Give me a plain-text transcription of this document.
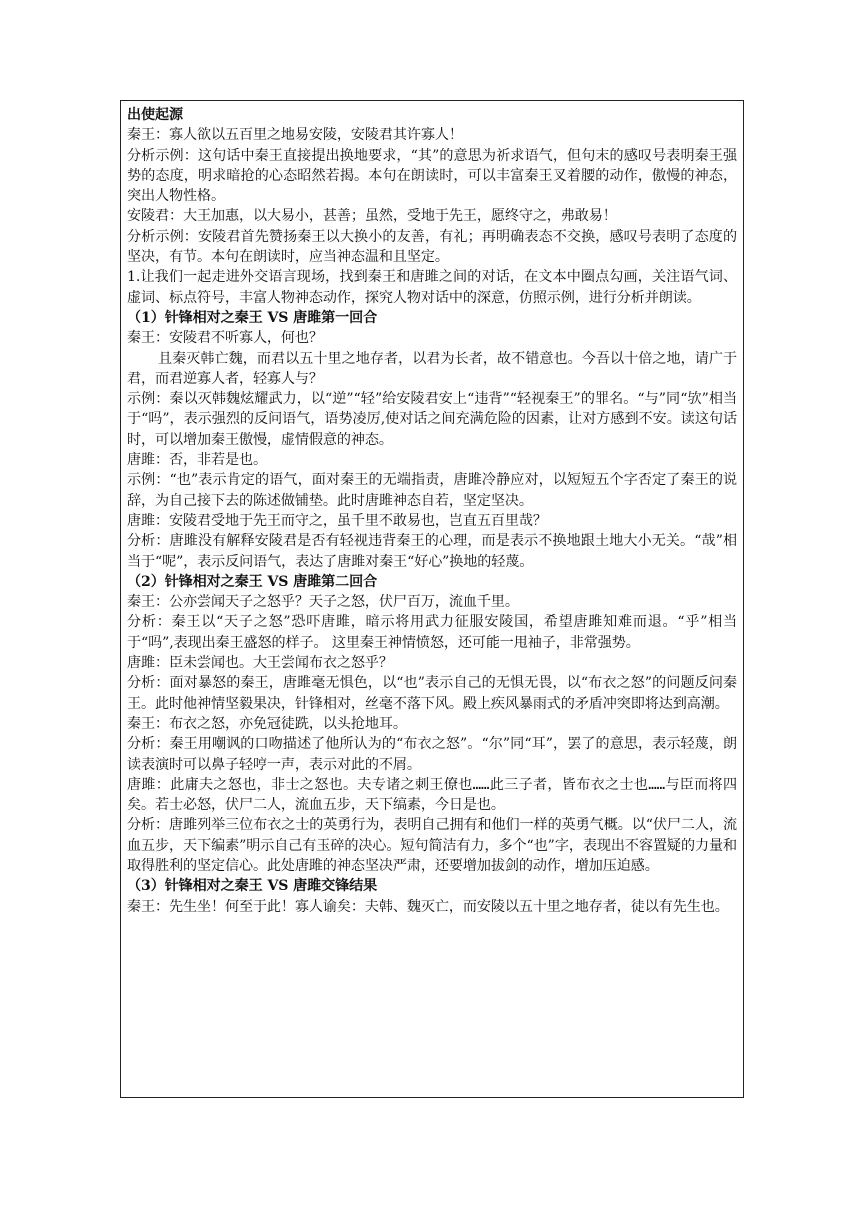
出使起源

秦王：寡人欲以五百里之地易安陵，安陵君其许寡人！

分析示例：这句话中秦王直接提出换地要求，“其”的意思为祈求语气，但句末的感叹号表明秦王强势的态度，明求暗抢的心态昭然若揭。本句在朗读时，可以丰富秦王叉着腰的动作，傲慢的神态，突出人物性格。

安陵君：大王加惠，以大易小，甚善；虽然，受地于先王，愿终守之，弗敢易！

分析示例：安陵君首先赞扬秦王以大换小的友善，有礼；再明确表态不交换，感叹号表明了态度的坚决，有节。本句在朗读时，应当神态温和且坚定。

1.让我们一起走进外交语言现场，找到秦王和唐雎之间的对话，在文本中圈点勾画，关注语气词、虚词、标点符号，丰富人物神态动作，探究人物对话中的深意，仿照示例，进行分析并朗读。

（1）针锋相对之秦王 VS 唐雎第一回合

秦王：安陵君不听寡人，何也？

且秦灭韩亡魏，而君以五十里之地存者，以君为长者，故不错意也。今吾以十倍之地，请广于君，而君逆寡人者，轻寡人与？

示例：秦以灭韩魏炫耀武力，以“逆”“轻”给安陵君安上“违背”“轻视秦王”的罪名。“与”同“欤”相当于“吗”，表示强烈的反问语气，语势凌厉,使对话之间充满危险的因素，让对方感到不安。读这句话时，可以增加秦王傲慢，虚情假意的神态。

唐雎：否，非若是也。

示例：“也”表示肯定的语气，面对秦王的无端指责，唐雎冷静应对，以短短五个字否定了秦王的说辞，为自己接下去的陈述做铺垫。此时唐雎神态自若，坚定坚决。

唐雎：安陵君受地于先王而守之，虽千里不敢易也，岂直五百里哉？

分析：唐雎没有解释安陵君是否有轻视违背秦王的心理，而是表示不换地跟土地大小无关。“哉”相当于“呢”，表示反问语气，表达了唐雎对秦王“好心”换地的轻蔑。

（2）针锋相对之秦王 VS 唐雎第二回合

秦王：公亦尝闻天子之怒乎？天子之怒，伏尸百万，流血千里。

分析：秦王以“天子之怒”恐吓唐雎，暗示将用武力征服安陵国，希望唐雎知难而退。“乎”相当于“吗”,表现出秦王盛怒的样子。 这里秦王神情愤怒，还可能一甩袖子，非常强势。

唐雎：臣未尝闻也。大王尝闻布衣之怒乎？

分析：面对暴怒的秦王，唐雎毫无惧色，以“也”表示自己的无惧无畏，以“布衣之怒”的问题反问秦王。此时他神情坚毅果决，针锋相对，丝毫不落下风。殿上疾风暴雨式的矛盾冲突即将达到高潮。

秦王：布衣之怒，亦免冠徒跣，以头抢地耳。

分析：秦王用嘲讽的口吻描述了他所认为的“布衣之怒”。“尔”同“耳”，罢了的意思，表示轻蔑，朗读表演时可以鼻子轻哼一声，表示对此的不屑。

唐雎：此庸夫之怒也，非士之怒也。夫专诸之刺王僚也……此三子者，皆布衣之士也……与臣而将四矣。若士必怒，伏尸二人，流血五步，天下缟素，今日是也。

分析：唐雎列举三位布衣之士的英勇行为，表明自己拥有和他们一样的英勇气概。以“伏尸二人，流血五步，天下编素”明示自己有玉碎的决心。短句简洁有力，多个“也”字，表现出不容置疑的力量和取得胜利的坚定信心。此处唐雎的神态坚决严肃，还要增加拔剑的动作，增加压迫感。

（3）针锋相对之秦王 VS 唐雎交锋结果

秦王：先生坐！何至于此！寡人谕矣：夫韩、魏灭亡，而安陵以五十里之地存者，徒以有先生也。
